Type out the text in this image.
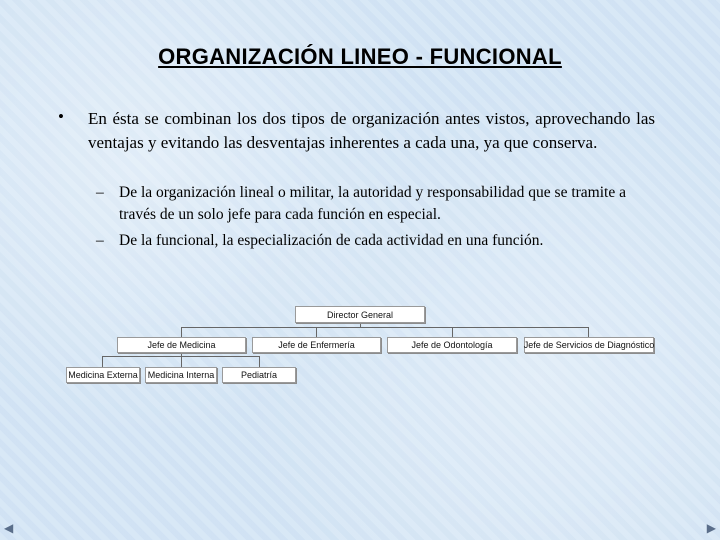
ORGANIZACIÓN LINEO - FUNCIONAL
• En ésta se combinan los dos tipos de organización antes vistos, aprovechando las ventajas y evitando las desventajas inherentes a cada una, ya que conserva.
– De la organización lineal o militar, la autoridad y responsabilidad que se tramite a través de un solo jefe para cada función en especial.
– De la funcional, la especialización de cada actividad en una función.
Director General
Jefe de Medicina	Jefe de Enfermería	Jefe de Odontología	Jefe de Servicios de Diagnóstico
Medicina Externa	Medicina Interna	Pediatría
◀	▶
